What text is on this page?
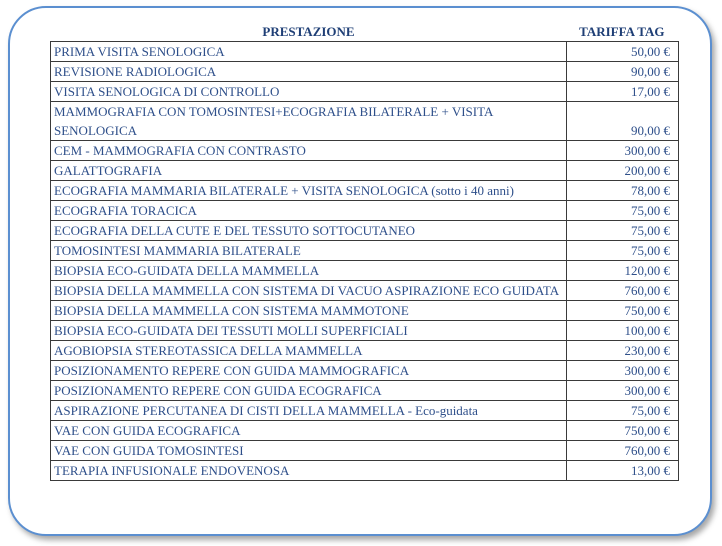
PRESTAZIONE	TARIFFA TAG
PRIMA VISITA SENOLOGICA	50,00 €
REVISIONE RADIOLOGICA	90,00 €
VISITA SENOLOGICA DI CONTROLLO	17,00 €
MAMMOGRAFIA CON TOMOSINTESI+ECOGRAFIA BILATERALE + VISITA SENOLOGICA	90,00 €
CEM - MAMMOGRAFIA CON CONTRASTO	300,00 €
GALATTOGRAFIA	200,00 €
ECOGRAFIA MAMMARIA BILATERALE + VISITA SENOLOGICA (sotto i 40 anni)	78,00 €
ECOGRAFIA TORACICA	75,00 €
ECOGRAFIA DELLA CUTE E DEL TESSUTO SOTTOCUTANEO	75,00 €
TOMOSINTESI MAMMARIA BILATERALE	75,00 €
BIOPSIA ECO-GUIDATA DELLA MAMMELLA	120,00 €
BIOPSIA DELLA MAMMELLA CON SISTEMA DI VACUO ASPIRAZIONE ECO GUIDATA	760,00 €
BIOPSIA DELLA MAMMELLA CON SISTEMA MAMMOTONE	750,00 €
BIOPSIA ECO-GUIDATA DEI TESSUTI MOLLI SUPERFICIALI	100,00 €
AGOBIOPSIA STEREOTASSICA DELLA MAMMELLA	230,00 €
POSIZIONAMENTO REPERE CON GUIDA MAMMOGRAFICA	300,00 €
POSIZIONAMENTO REPERE CON GUIDA ECOGRAFICA	300,00 €
ASPIRAZIONE PERCUTANEA DI CISTI DELLA MAMMELLA - Eco-guidata	75,00 €
VAE CON GUIDA ECOGRAFICA	750,00 €
VAE CON GUIDA TOMOSINTESI	760,00 €
TERAPIA INFUSIONALE ENDOVENOSA	13,00 €
